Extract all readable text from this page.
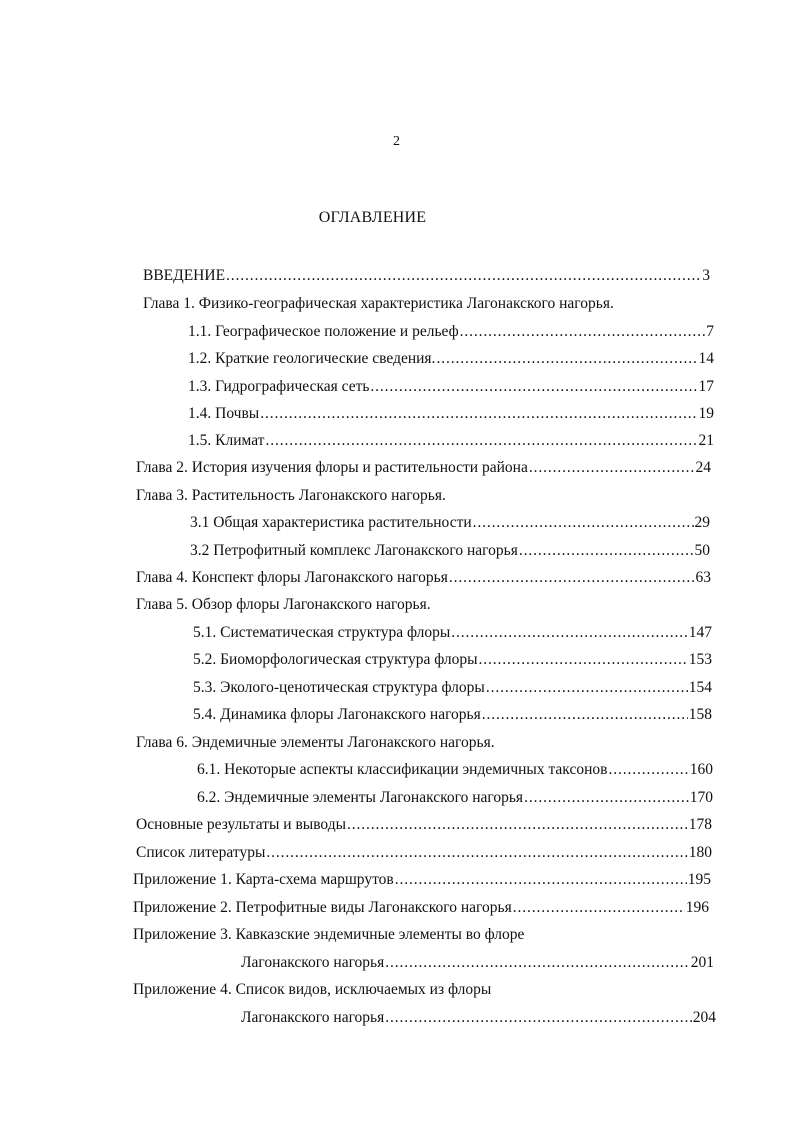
2
ОГЛАВЛЕНИЕ
ВВЕДЕНИЕ . . .	3
Глава 1. Физико-географическая характеристика Лагонакского нагорья.
1.1. Географическое положение и рельеф . . .	7
1.2. Краткие геологические сведения. . . .	14
1.3. Гидрографическая сеть . . .	17
1.4. Почвы . . .	19
1.5. Климат . . .	21
Глава 2. История изучения флоры и растительности района . . .	24
Глава 3. Растительность Лагонакского нагорья.
3.1 Общая характеристика растительности . . .	29
3.2 Петрофитный комплекс Лагонакского нагорья . . .	50
Глава 4. Конспект флоры Лагонакского нагорья . . .	63
Глава 5. Обзор флоры Лагонакского нагорья.
5.1. Систематическая структура флоры . . .	147
5.2. Биоморфологическая структура флоры . . .	153
5.3. Эколого-ценотическая структура флоры . . .	154
5.4. Динамика флоры Лагонакского нагорья . . .	158
Глава 6. Эндемичные элементы Лагонакского нагорья.
6.1. Некоторые аспекты классификации эндемичных таксонов . . .	160
6.2. Эндемичные элементы Лагонакского нагорья . . .	170
Основные результаты и выводы . . .	178
Список литературы . . .	180
Приложение 1. Карта-схема маршрутов . . .	195
Приложение 2. Петрофитные виды Лагонакского нагорья . . .	196
Приложение 3. Кавказские эндемичные элементы во флоре
Лагонакского нагорья . . .	201
Приложение 4. Список видов, исключаемых из флоры
Лагонакского нагорья . . .	204
